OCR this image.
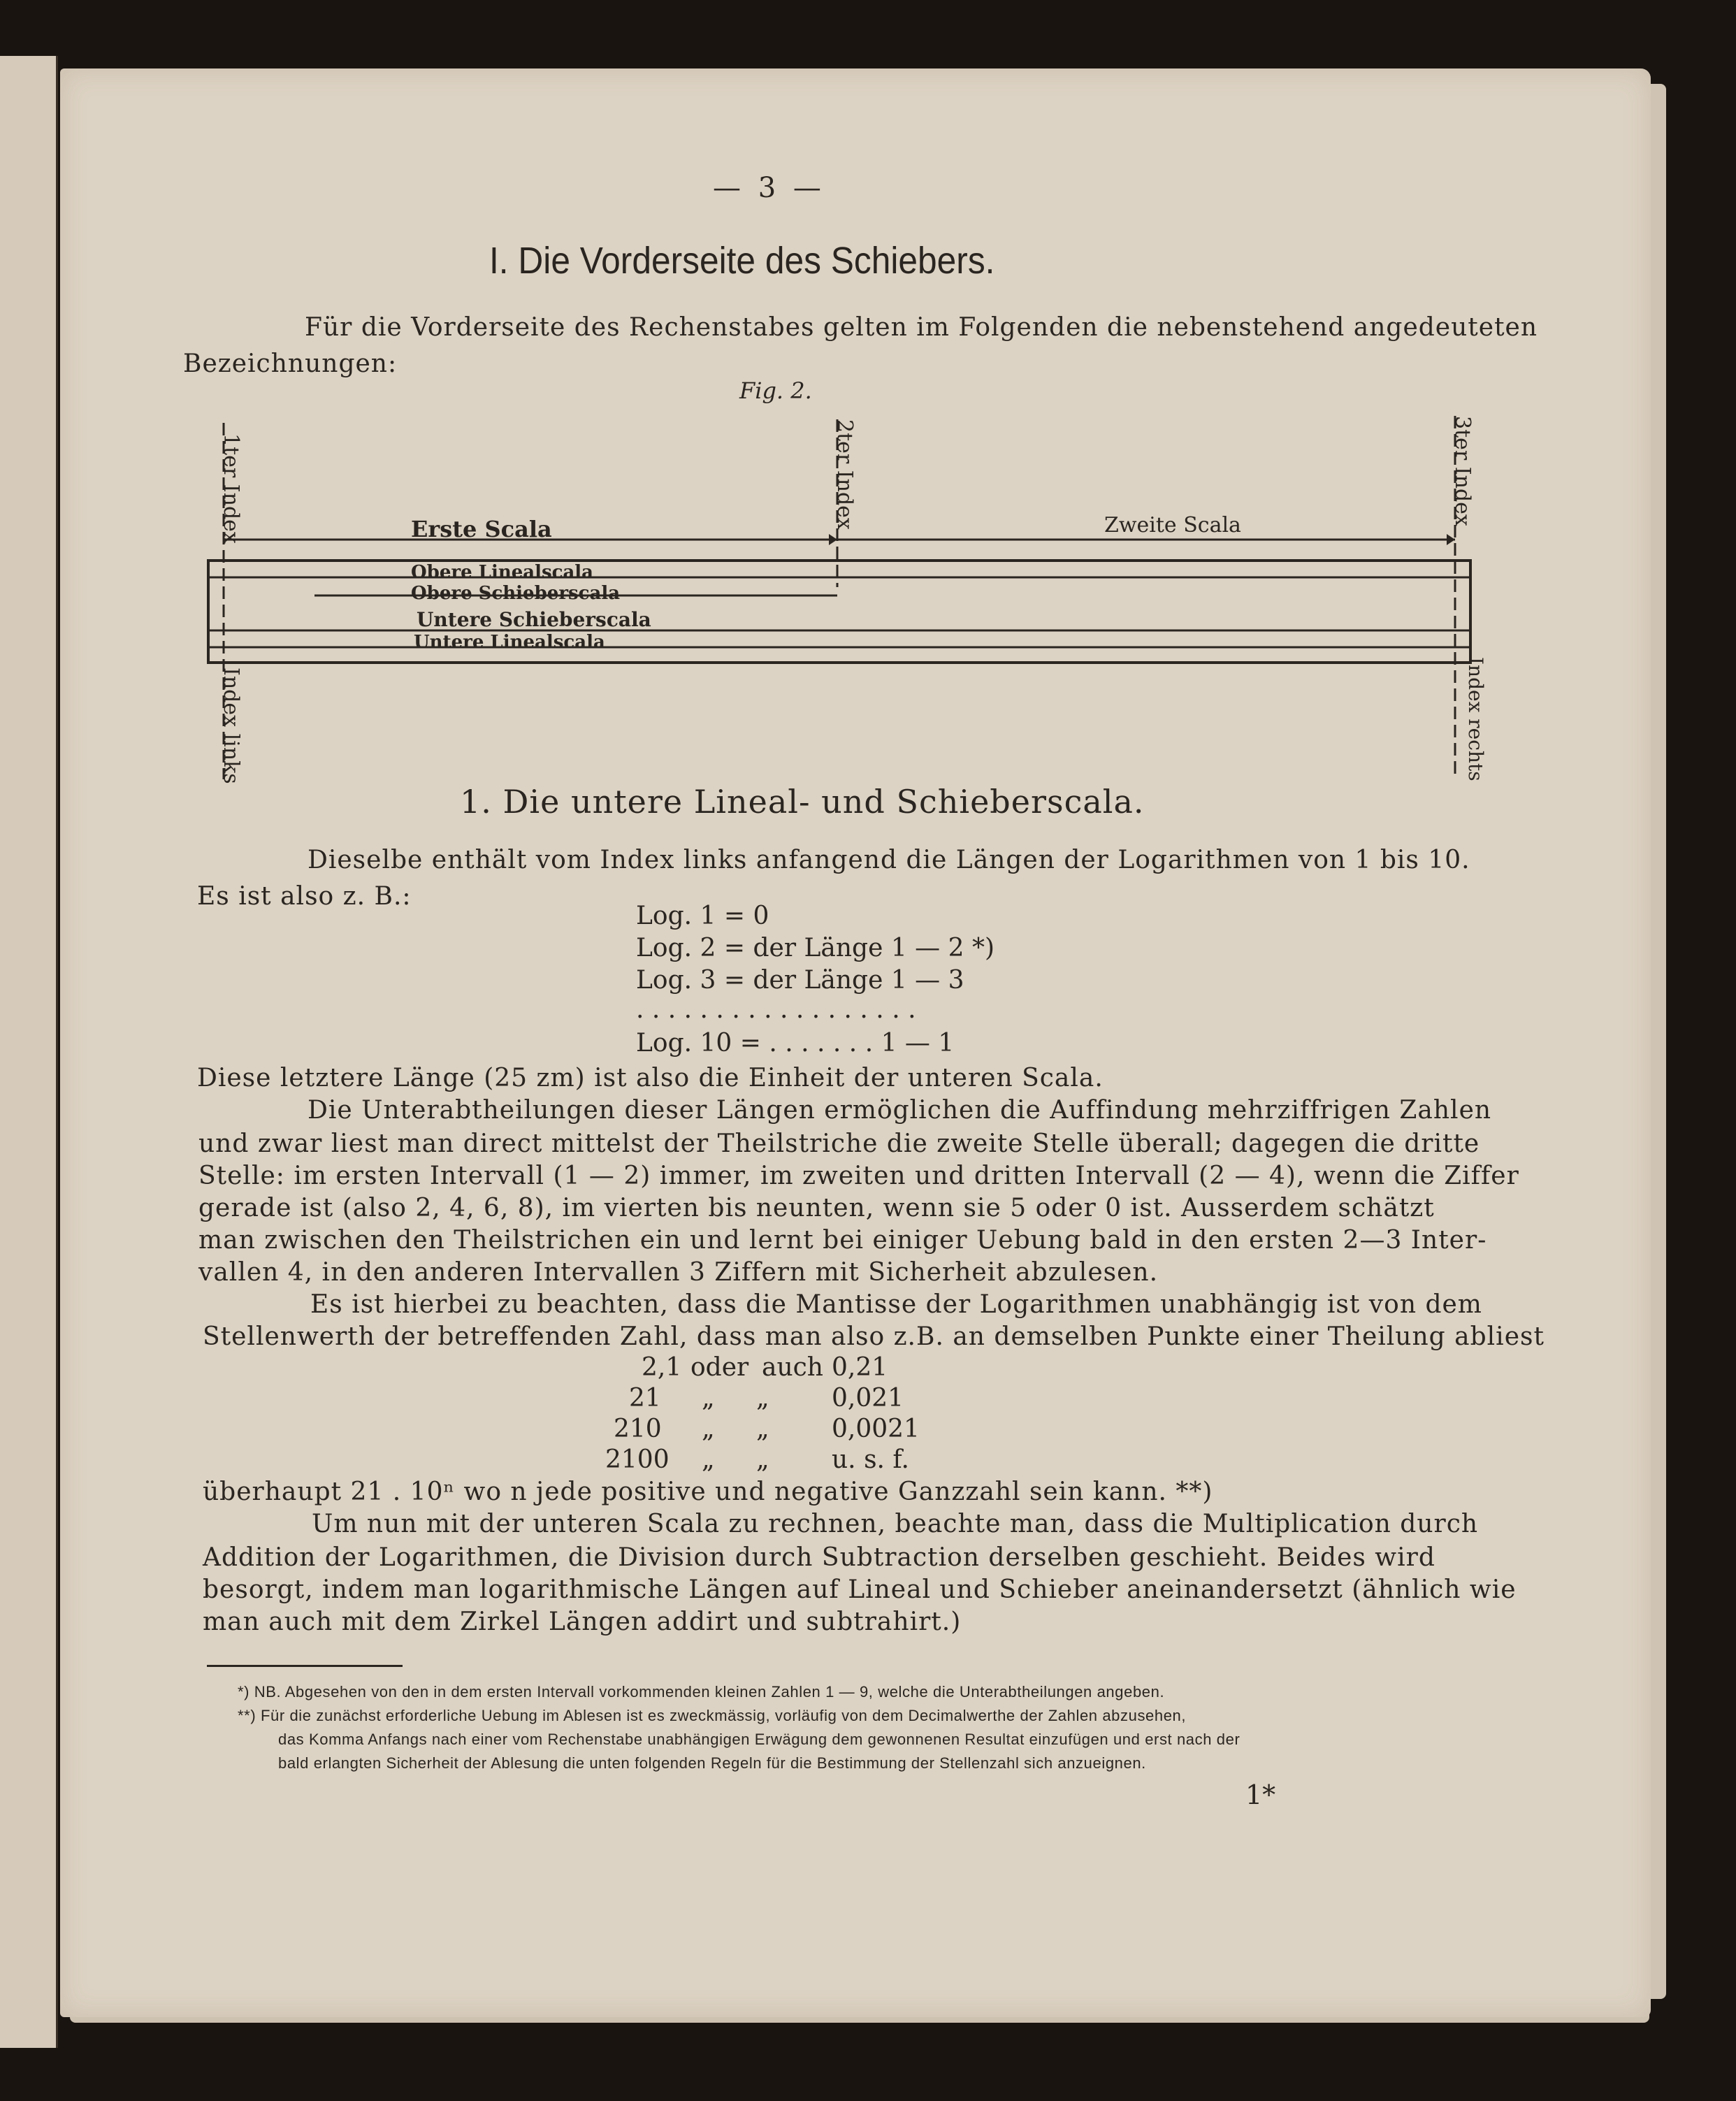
— 3 —
I. Die Vorderseite des Schiebers.
Für die Vorderseite des Rechenstabes gelten im Folgenden die nebenstehend angedeuteten
Bezeichnungen:
Fig. 2.
1ter Index	2ter Index	3ter Index
Erste Scala	Zweite Scala
Obere Linealscala
Obere Schieberscala
Untere Schieberscala
Untere Linealscala
Index links	Index rechts
1. Die untere Lineal- und Schieberscala.
Dieselbe enthält vom Index links anfangend die Längen der Logarithmen von 1 bis 10.
Es ist also z. B.:
Log. 1 = 0
Log. 2 = der Länge 1 — 2 *)
Log. 3 = der Länge 1 — 3
. . . . . . . . . . . . . . . . . .
Log. 10 = . . . . . . . 1 — 1
Diese letztere Länge (25 zm) ist also die Einheit der unteren Scala.
Die Unterabtheilungen dieser Längen ermöglichen die Auffindung mehrziffrigen Zahlen
und zwar liest man direct mittelst der Theilstriche die zweite Stelle überall; dagegen die dritte
Stelle: im ersten Intervall (1 — 2) immer, im zweiten und dritten Intervall (2 — 4), wenn die Ziffer
gerade ist (also 2, 4, 6, 8), im vierten bis neunten, wenn sie 5 oder 0 ist. Ausserdem schätzt
man zwischen den Theilstrichen ein und lernt bei einiger Uebung bald in den ersten 2—3 Inter-
vallen 4, in den anderen Intervallen 3 Ziffern mit Sicherheit abzulesen.
Es ist hierbei zu beachten, dass die Mantisse der Logarithmen unabhängig ist von dem
Stellenwerth der betreffenden Zahl, dass man also z.B. an demselben Punkte einer Theilung abliest
2,1 oder auch 0,21
21 „ „ 0,021
210 „ „ 0,0021
2100 „ „ u. s. f.
überhaupt 21 . 10ⁿ wo n jede positive und negative Ganzzahl sein kann. **)
Um nun mit der unteren Scala zu rechnen, beachte man, dass die Multiplication durch
Addition der Logarithmen, die Division durch Subtraction derselben geschieht. Beides wird
besorgt, indem man logarithmische Längen auf Lineal und Schieber aneinandersetzt (ähnlich wie
man auch mit dem Zirkel Längen addirt und subtrahirt.)
*) NB. Abgesehen von den in dem ersten Intervall vorkommenden kleinen Zahlen 1 — 9, welche die Unterabtheilungen angeben.
**) Für die zunächst erforderliche Uebung im Ablesen ist es zweckmässig, vorläufig von dem Decimalwerthe der Zahlen abzusehen,
das Komma Anfangs nach einer vom Rechenstabe unabhängigen Erwägung dem gewonnenen Resultat einzufügen und erst nach der
bald erlangten Sicherheit der Ablesung die unten folgenden Regeln für die Bestimmung der Stellenzahl sich anzueignen.
1*
